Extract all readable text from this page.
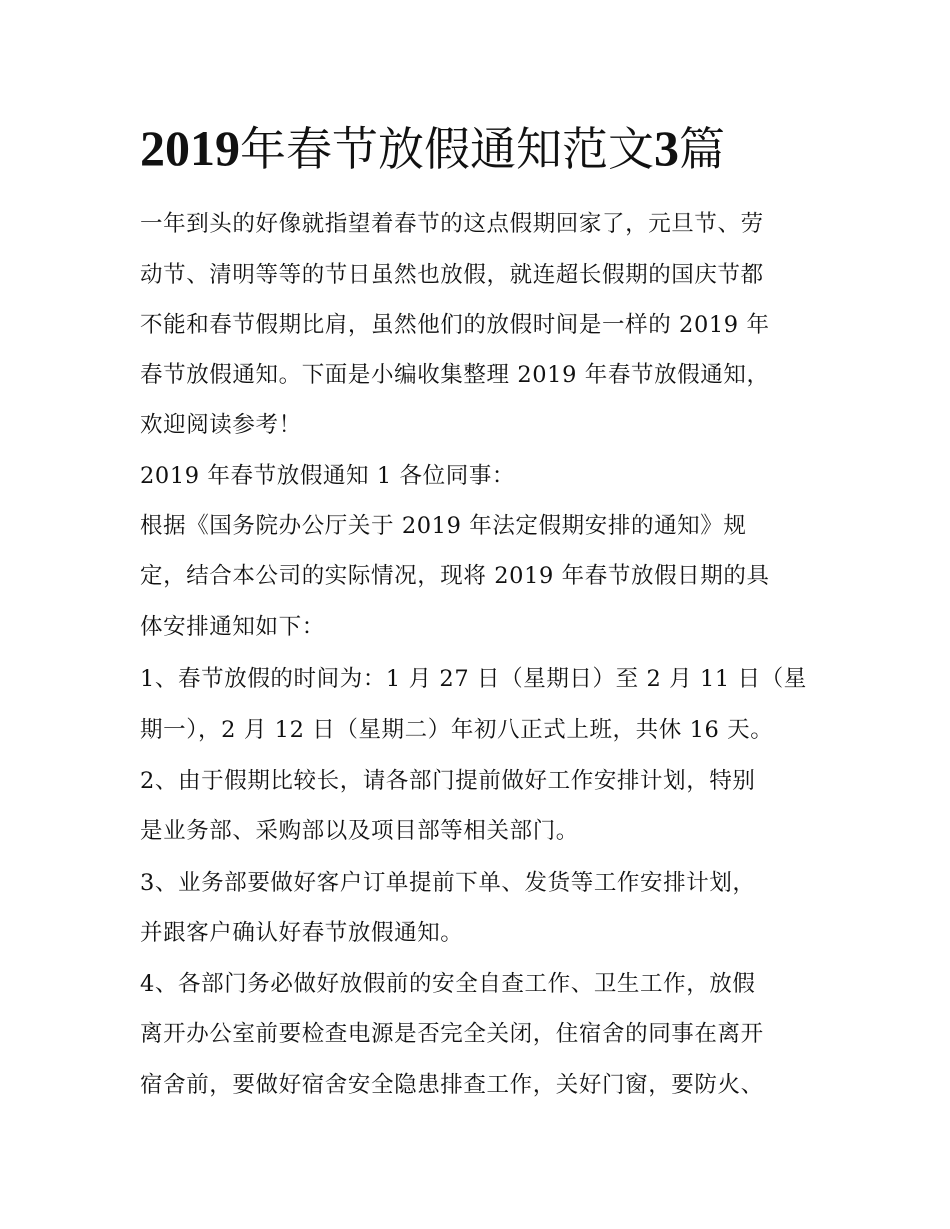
2019年春节放假通知范文3篇

一年到头的好像就指望着春节的这点假期回家了，元旦节、劳

动节、清明等等的节日虽然也放假，就连超长假期的国庆节都

不能和春节假期比肩，虽然他们的放假时间是一样的 2019 年

春节放假通知。下面是小编收集整理 2019 年春节放假通知，

欢迎阅读参考！

2019 年春节放假通知 1 各位同事：

根据《国务院办公厅关于 2019 年法定假期安排的通知》规

定，结合本公司的实际情况，现将 2019 年春节放假日期的具

体安排通知如下：

1、春节放假的时间为：1 月 27 日（星期日）至 2 月 11 日（星

期一），2 月 12 日（星期二）年初八正式上班，共休 16 天。

2、由于假期比较长，请各部门提前做好工作安排计划，特别

是业务部、采购部以及项目部等相关部门。

3、业务部要做好客户订单提前下单、发货等工作安排计划，

并跟客户确认好春节放假通知。

4、各部门务必做好放假前的安全自查工作、卫生工作，放假

离开办公室前要检查电源是否完全关闭，住宿舍的同事在离开

宿舍前，要做好宿舍安全隐患排查工作，关好门窗，要防火、
